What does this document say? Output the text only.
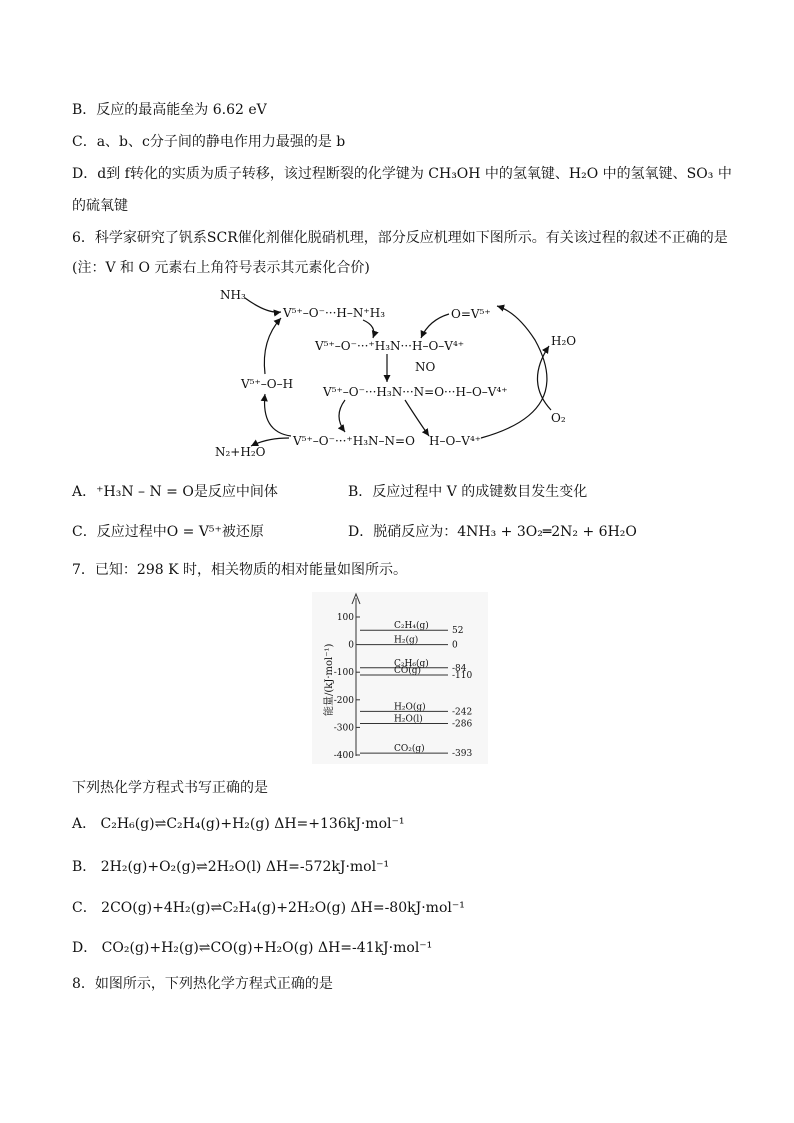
B．反应的最高能垒为 6.62 eV
C．a、b、c分子间的静电作用力最强的是 b
D．d到 f转化的实质为质子转移，该过程断裂的化学键为 CH₃OH 中的氢氧键、H₂O 中的氢氧键、SO₃ 中
的硫氧键
6．科学家研究了钒系SCR催化剂催化脱硝机理，部分反应机理如下图所示。有关该过程的叙述不正确的是
(注：V 和 O 元素右上角符号表示其元素化合价)
NH₃
V⁵⁺–O⁻···H–N⁺H₃	O=V⁵⁺
V⁵⁺–O⁻···⁺H₃N···H–O–V⁴⁺	H₂O
NO
V⁵⁺–O–H
V⁵⁺–O⁻···H₃N···N=O···H–O–V⁴⁺
O₂
V⁵⁺–O⁻···⁺H₃N–N=O H–O–V⁴⁺
N₂+H₂O
A．⁺H₃N – N = O是反应中间体	B．反应过程中 V 的成键数目发生变化
C．反应过程中O = V⁵⁺被还原	D．脱硝反应为：4NH₃ + 3O₂═2N₂ + 6H₂O
7．已知：298 K 时，相关物质的相对能量如图所示。
能量/(kJ·mol⁻¹)
100
0
-100
-200
-300
-400
C₂H₄(g)	52
H₂(g)	0
C₂H₆(g)	-84
CO(g)	-110
H₂O(g)	-242
H₂O(l)	-286
CO₂(g)	-393
下列热化学方程式书写正确的是
A． C₂H₆(g)⇌C₂H₄(g)+H₂(g) ΔH=+136kJ·mol⁻¹
B． 2H₂(g)+O₂(g)⇌2H₂O(l) ΔH=-572kJ·mol⁻¹
C． 2CO(g)+4H₂(g)⇌C₂H₄(g)+2H₂O(g) ΔH=-80kJ·mol⁻¹
D． CO₂(g)+H₂(g)⇌CO(g)+H₂O(g) ΔH=-41kJ·mol⁻¹
8．如图所示，下列热化学方程式正确的是
